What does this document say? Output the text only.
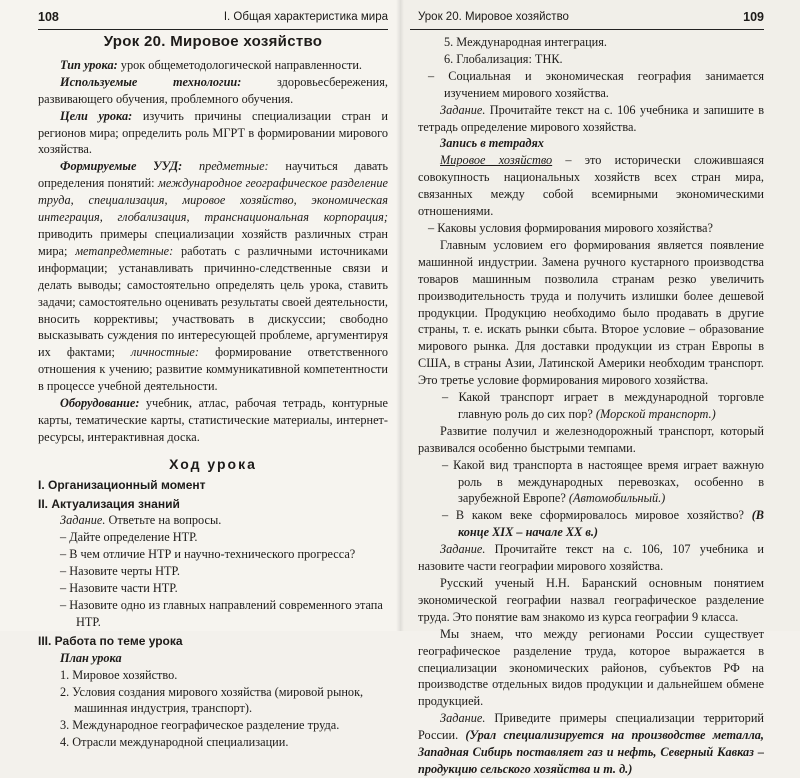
108	I. Общая характеристика мира
Урок 20. Мировое хозяйство

Тип урока: урок общеметодологической направленности.

Используемые технологии: здоровьесбережения, развивающего обучения, проблемного обучения.

Цели урока: изучить причины специализации стран и регионов мира; определить роль МГРТ в формировании мирового хозяйства.

Формируемые УУД: предметные: научиться давать определения понятий: международное географическое разделение труда, специализация, мировое хозяйство, экономическая интеграция, глобализация, транснациональная корпорация; приводить примеры специализации хозяйств различных стран мира; метапредметные: работать с различными источниками информации; устанавливать причинно-следственные связи и делать выводы; самостоятельно определять цель урока, ставить задачи; самостоятельно оценивать результаты своей деятельности, вносить коррективы; участвовать в дискуссии; свободно высказывать суждения по интересующей проблеме, аргументируя их фактами; личностные: формирование ответственного отношения к учению; развитие коммуникативной компетентности в процессе учебной деятельности.

Оборудование: учебник, атлас, рабочая тетрадь, контурные карты, тематические карты, статистические материалы, интернет-ресурсы, интерактивная доска.

Ход урока
I. Организационный момент
II. Актуализация знаний

Задание. Ответьте на вопросы.

– Дайте определение НТР.

– В чем отличие НТР и научно-технического прогресса?

– Назовите черты НТР.

– Назовите части НТР.

– Назовите одно из главных направлений современного этапа НТР.

III. Работа по теме урока

План урока

1. Мировое хозяйство.

2. Условия создания мирового хозяйства (мировой рынок, машинная индустрия, транспорт).

3. Международное географическое разделение труда.

4. Отрасли международной специализации.

Урок 20. Мировое хозяйство	109

5. Международная интеграция.

6. Глобализация: ТНК.

– Социальная и экономическая география занимается изучением мирового хозяйства.

Задание. Прочитайте текст на с. 106 учебника и запишите в тетрадь определение мирового хозяйства.

Запись в тетрадях

Мировое хозяйство – это исторически сложившаяся совокупность национальных хозяйств всех стран мира, связанных между собой всемирными экономическими отношениями.

– Каковы условия формирования мирового хозяйства?

Главным условием его формирования является появление машинной индустрии. Замена ручного кустарного производства товаров машинным позволила странам резко увеличить производительность труда и получить излишки более дешевой продукции. Продукцию необходимо было продавать в другие страны, т. е. искать рынки сбыта. Второе условие – образование мирового рынка. Для доставки продукции из стран Европы в США, в страны Азии, Латинской Америки необходим транспорт. Это третье условие формирования мирового хозяйства.

– Какой транспорт играет в международной торговле главную роль до сих пор? (Морской транспорт.)

Развитие получил и железнодорожный транспорт, который развивался особенно быстрыми темпами.

– Какой вид транспорта в настоящее время играет важную роль в международных перевозках, особенно в зарубежной Европе? (Автомобильный.)

– В каком веке сформировалось мировое хозяйство? (В конце XIX – начале XX в.)

Задание. Прочитайте текст на с. 106, 107 учебника и назовите части географии мирового хозяйства.

Русский ученый Н.Н. Баранский основным понятием экономической географии назвал географическое разделение труда. Это понятие вам знакомо из курса географии 9 класса.

Мы знаем, что между регионами России существует географическое разделение труда, которое выражается в специализации экономических районов, субъектов РФ на производстве отдельных видов продукции и дальнейшем обмене продукцией.

Задание. Приведите примеры специализации территорий России. (Урал специализируется на производстве металла, Западная Сибирь поставляет газ и нефть, Северный Кавказ – продукцию сельского хозяйства и т. д.)
